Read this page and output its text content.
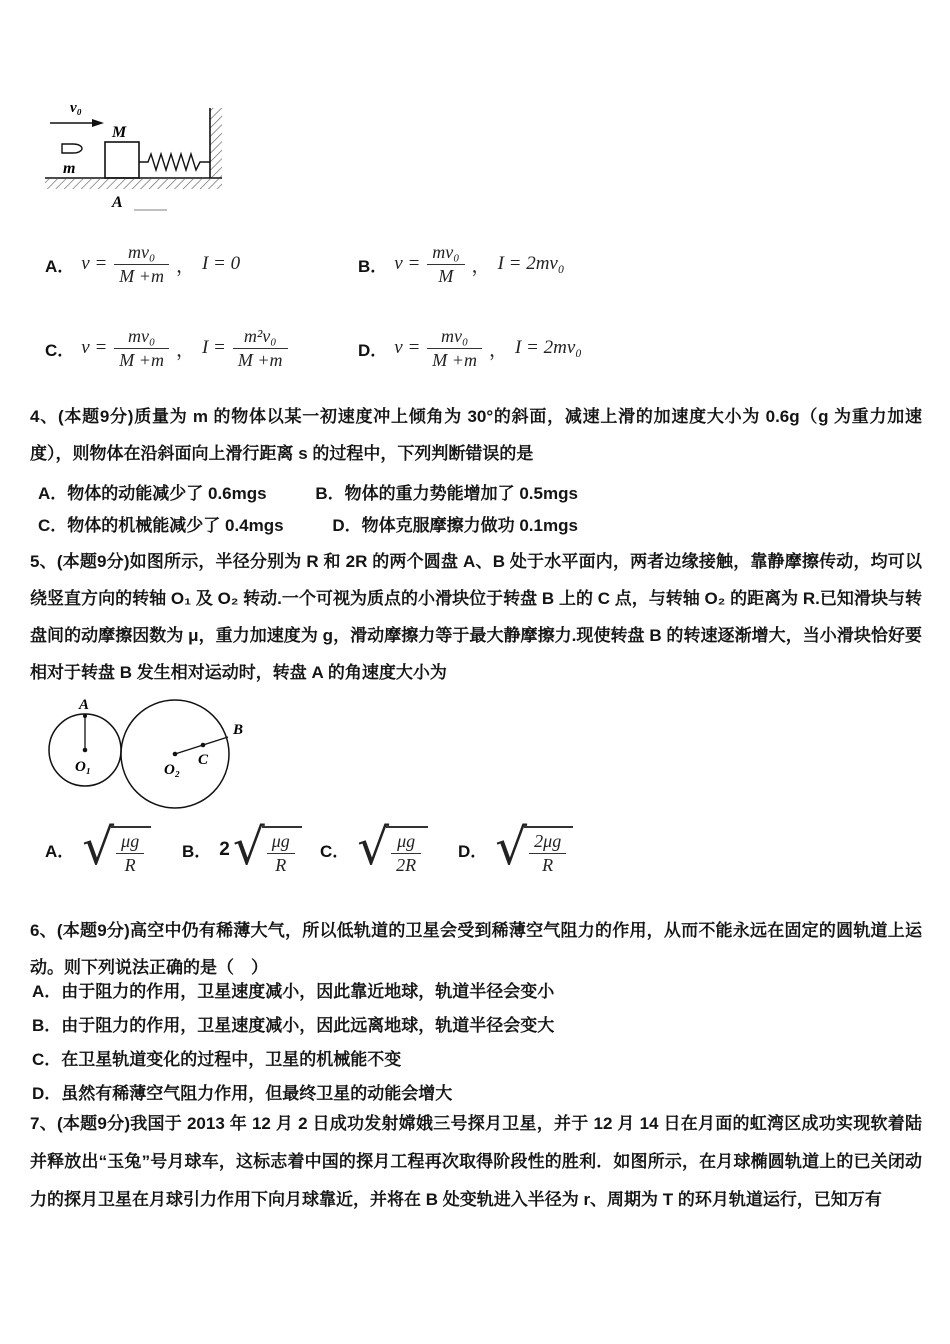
v₀
m
M
A
A． $v = \frac{\text{mv₀}}{M +m}$ ， I = 0	B． $v = \frac{\text{mv₀}}{M}$ ， I = 2mv₀
C． $v = \frac{\text{mv₀}}{M +m}$ ， $I = \frac{\text{m²v₀}}{M +m}$	D． $v = \frac{\text{mv₀}}{M +m}$ ， I = 2mv₀
4、(本题9分)质量为 m 的物体以某一初速度冲上倾角为 30°的斜面，减速上滑的加速度大小为 0.6g（g 为重力加速度），则物体在沿斜面向上滑行距离 s 的过程中，下列判断错误的是
A．物体的动能减少了 0.6mgs	B．物体的重力势能增加了 0.5mgs
C．物体的机械能减少了 0.4mgs	D．物体克服摩擦力做功 0.1mgs
5、(本题9分)如图所示，半径分别为 R 和 2R 的两个圆盘 A、B 处于水平面内，两者边缘接触，靠静摩擦传动，均可以绕竖直方向的转轴 O₁ 及 O₂ 转动.一个可视为质点的小滑块位于转盘 B 上的 C 点，与转轴 O₂ 的距离为 R.已知滑块与转盘间的动摩擦因数为 μ，重力加速度为 g，滑动摩擦力等于最大静摩擦力.现使转盘 B 的转速逐渐增大，当小滑块恰好要相对于转盘 B 发生相对运动时，转盘 A 的角速度大小为
A
O₁	O₂
C
B
A． √ $\frac{\mu g}{R}$ B． 2 √ $\frac{\mu g}{R}$ C． √ $\frac{\mu g}{2R}$ D． √ $\frac{2\mu g}{R}$
6、(本题9分)高空中仍有稀薄大气，所以低轨道的卫星会受到稀薄空气阻力的作用，从而不能永远在固定的圆轨道上运动。则下列说法正确的是（　）
A．由于阻力的作用，卫星速度减小，因此靠近地球，轨道半径会变小
B．由于阻力的作用，卫星速度减小，因此远离地球，轨道半径会变大
C．在卫星轨道变化的过程中，卫星的机械能不变
D．虽然有稀薄空气阻力作用，但最终卫星的动能会增大
7、(本题9分)我国于 2013 年 12 月 2 日成功发射嫦娥三号探月卫星，并于 12 月 14 日在月面的虹湾区成功实现软着陆并释放出“玉兔”号月球车，这标志着中国的探月工程再次取得阶段性的胜利．如图所示，在月球椭圆轨道上的已关闭动力的探月卫星在月球引力作用下向月球靠近，并将在 B 处变轨进入半径为 r、周期为 T 的环月轨道运行，已知万有
